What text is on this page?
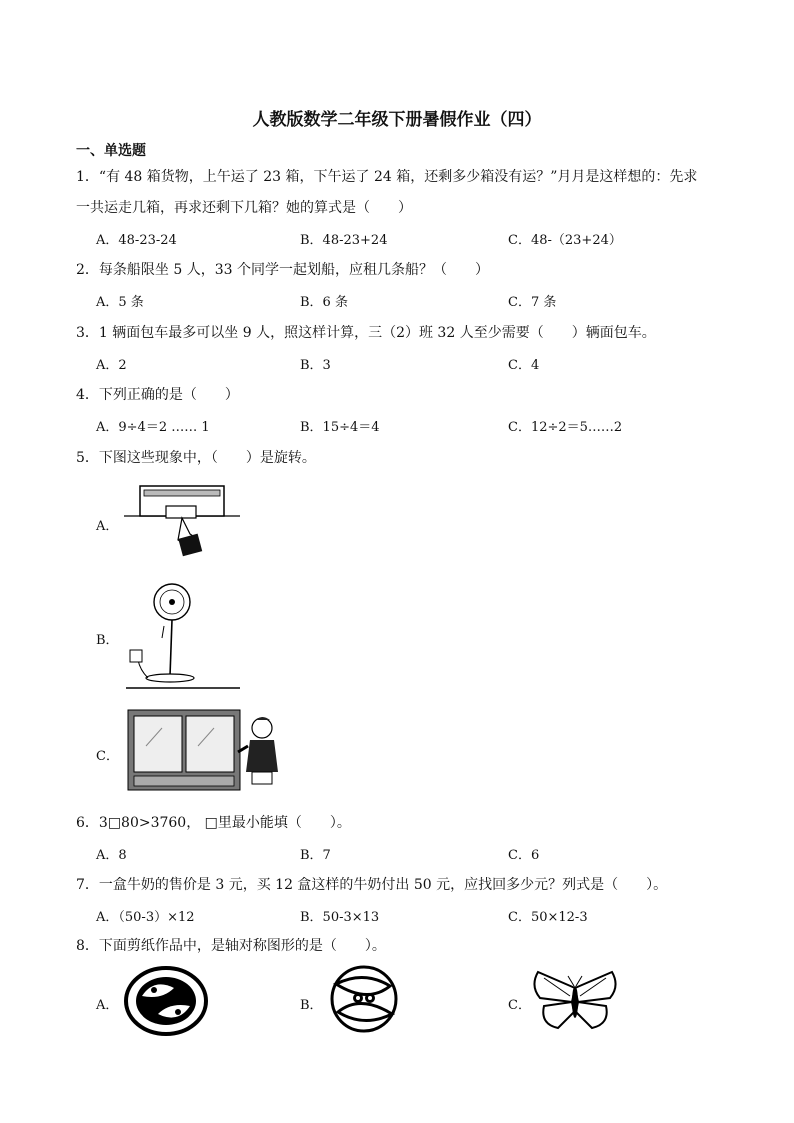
人教版数学二年级下册暑假作业（四）
一、单选题
1．“有 48 箱货物，上午运了 23 箱，下午运了 24 箱，还剩多少箱没有运？”月月是这样想的：先求
一共运走几箱，再求还剩下几箱？她的算式是（　　）
A．48-23-24	B．48-23+24	C．48-（23+24）
2．每条船限坐 5 人，33 个同学一起划船，应租几条船？（　　）
A．5 条	B．6 条	C．7 条
3．1 辆面包车最多可以坐 9 人，照这样计算，三（2）班 32 人至少需要（　　）辆面包车。
A．2	B．3	C．4
4．下列正确的是（　　）
A．9÷4＝2 …… 1	B．15÷4＝4	C．12÷2＝5……2
5．下图这些现象中，（　　）是旋转。
A．
B．
C．
6．3□80>3760， □里最小能填（　　）。
A．8	B．7	C．6
7．一盒牛奶的售价是 3 元，买 12 盒这样的牛奶付出 50 元，应找回多少元？列式是（　　）。
A．（50-3）×12	B．50-3×13	C．50×12-3
8．下面剪纸作品中，是轴对称图形的是（　　）。
A．	B．	C．
